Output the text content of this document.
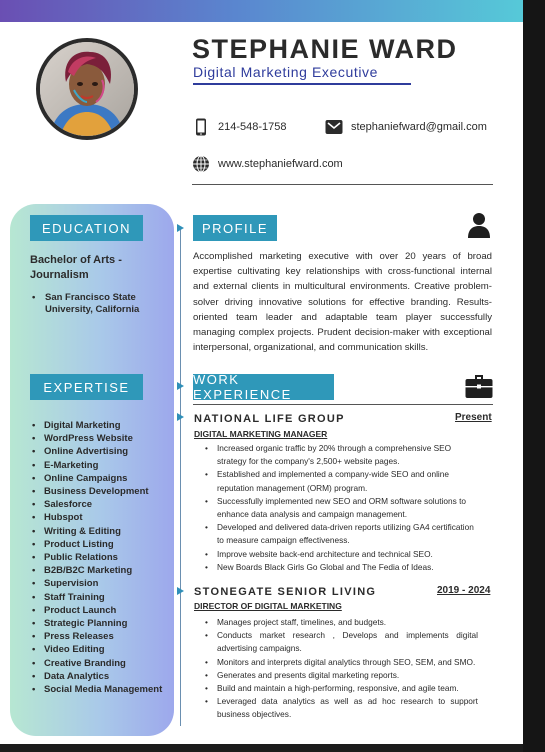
STEPHANIE WARD
Digital Marketing Executive
214-548-1758	stephaniefward@gmail.com
www.stephaniefward.com
EDUCATION
Bachelor of Arts - Journalism
• San Francisco State University, California
EXPERTISE
• Digital Marketing
• WordPress Website
• Online Advertising
• E-Marketing
• Online Campaigns
• Business Development
• Salesforce
• Hubspot
• Writing & Editing
• Product Listing
• Public Relations
• B2B/B2C Marketing
• Supervision
• Staff Training
• Product Launch
• Strategic Planning
• Press Releases
• Video Editing
• Creative Branding
• Data Analytics
• Social Media Management
PROFILE
Accomplished marketing executive with over 20 years of broad expertise cultivating key relationships with cross-functional internal and external clients in multicultural environments. Creative problem-solver driving innovative solutions for effective branding. Results-oriented team leader and adaptable team player successfully managing complex projects. Prudent decision-maker with exceptional interpersonal, organizational, and communication skills.
WORK EXPERIENCE
NATIONAL LIFE GROUP	Present
DIGITAL MARKETING MANAGER
• Increased organic traffic by 20% through a comprehensive SEO strategy for the company's 2,500+ website pages.
• Established and implemented a company-wide SEO and online reputation management (ORM) program.
• Successfully implemented new SEO and ORM software solutions to enhance data analysis and campaign management.
• Developed and delivered data-driven reports utilizing GA4 certification to measure campaign effectiveness.
• Improve website back-end architecture and technical SEO.
• New Boards Black Girls Go Global and The Fedia of Ideas.
STONEGATE SENIOR LIVING	2019 - 2024
DIRECTOR OF DIGITAL MARKETING
• Manages project staff, timelines, and budgets.
• Conducts market research , Develops and implements digital advertising campaigns.
• Monitors and interprets digital analytics through SEO, SEM, and SMO.
• Generates and presents digital marketing reports.
• Build and maintain a high-performing, responsive, and agile team.
• Leveraged data analytics as well as ad hoc research to support business objectives.
